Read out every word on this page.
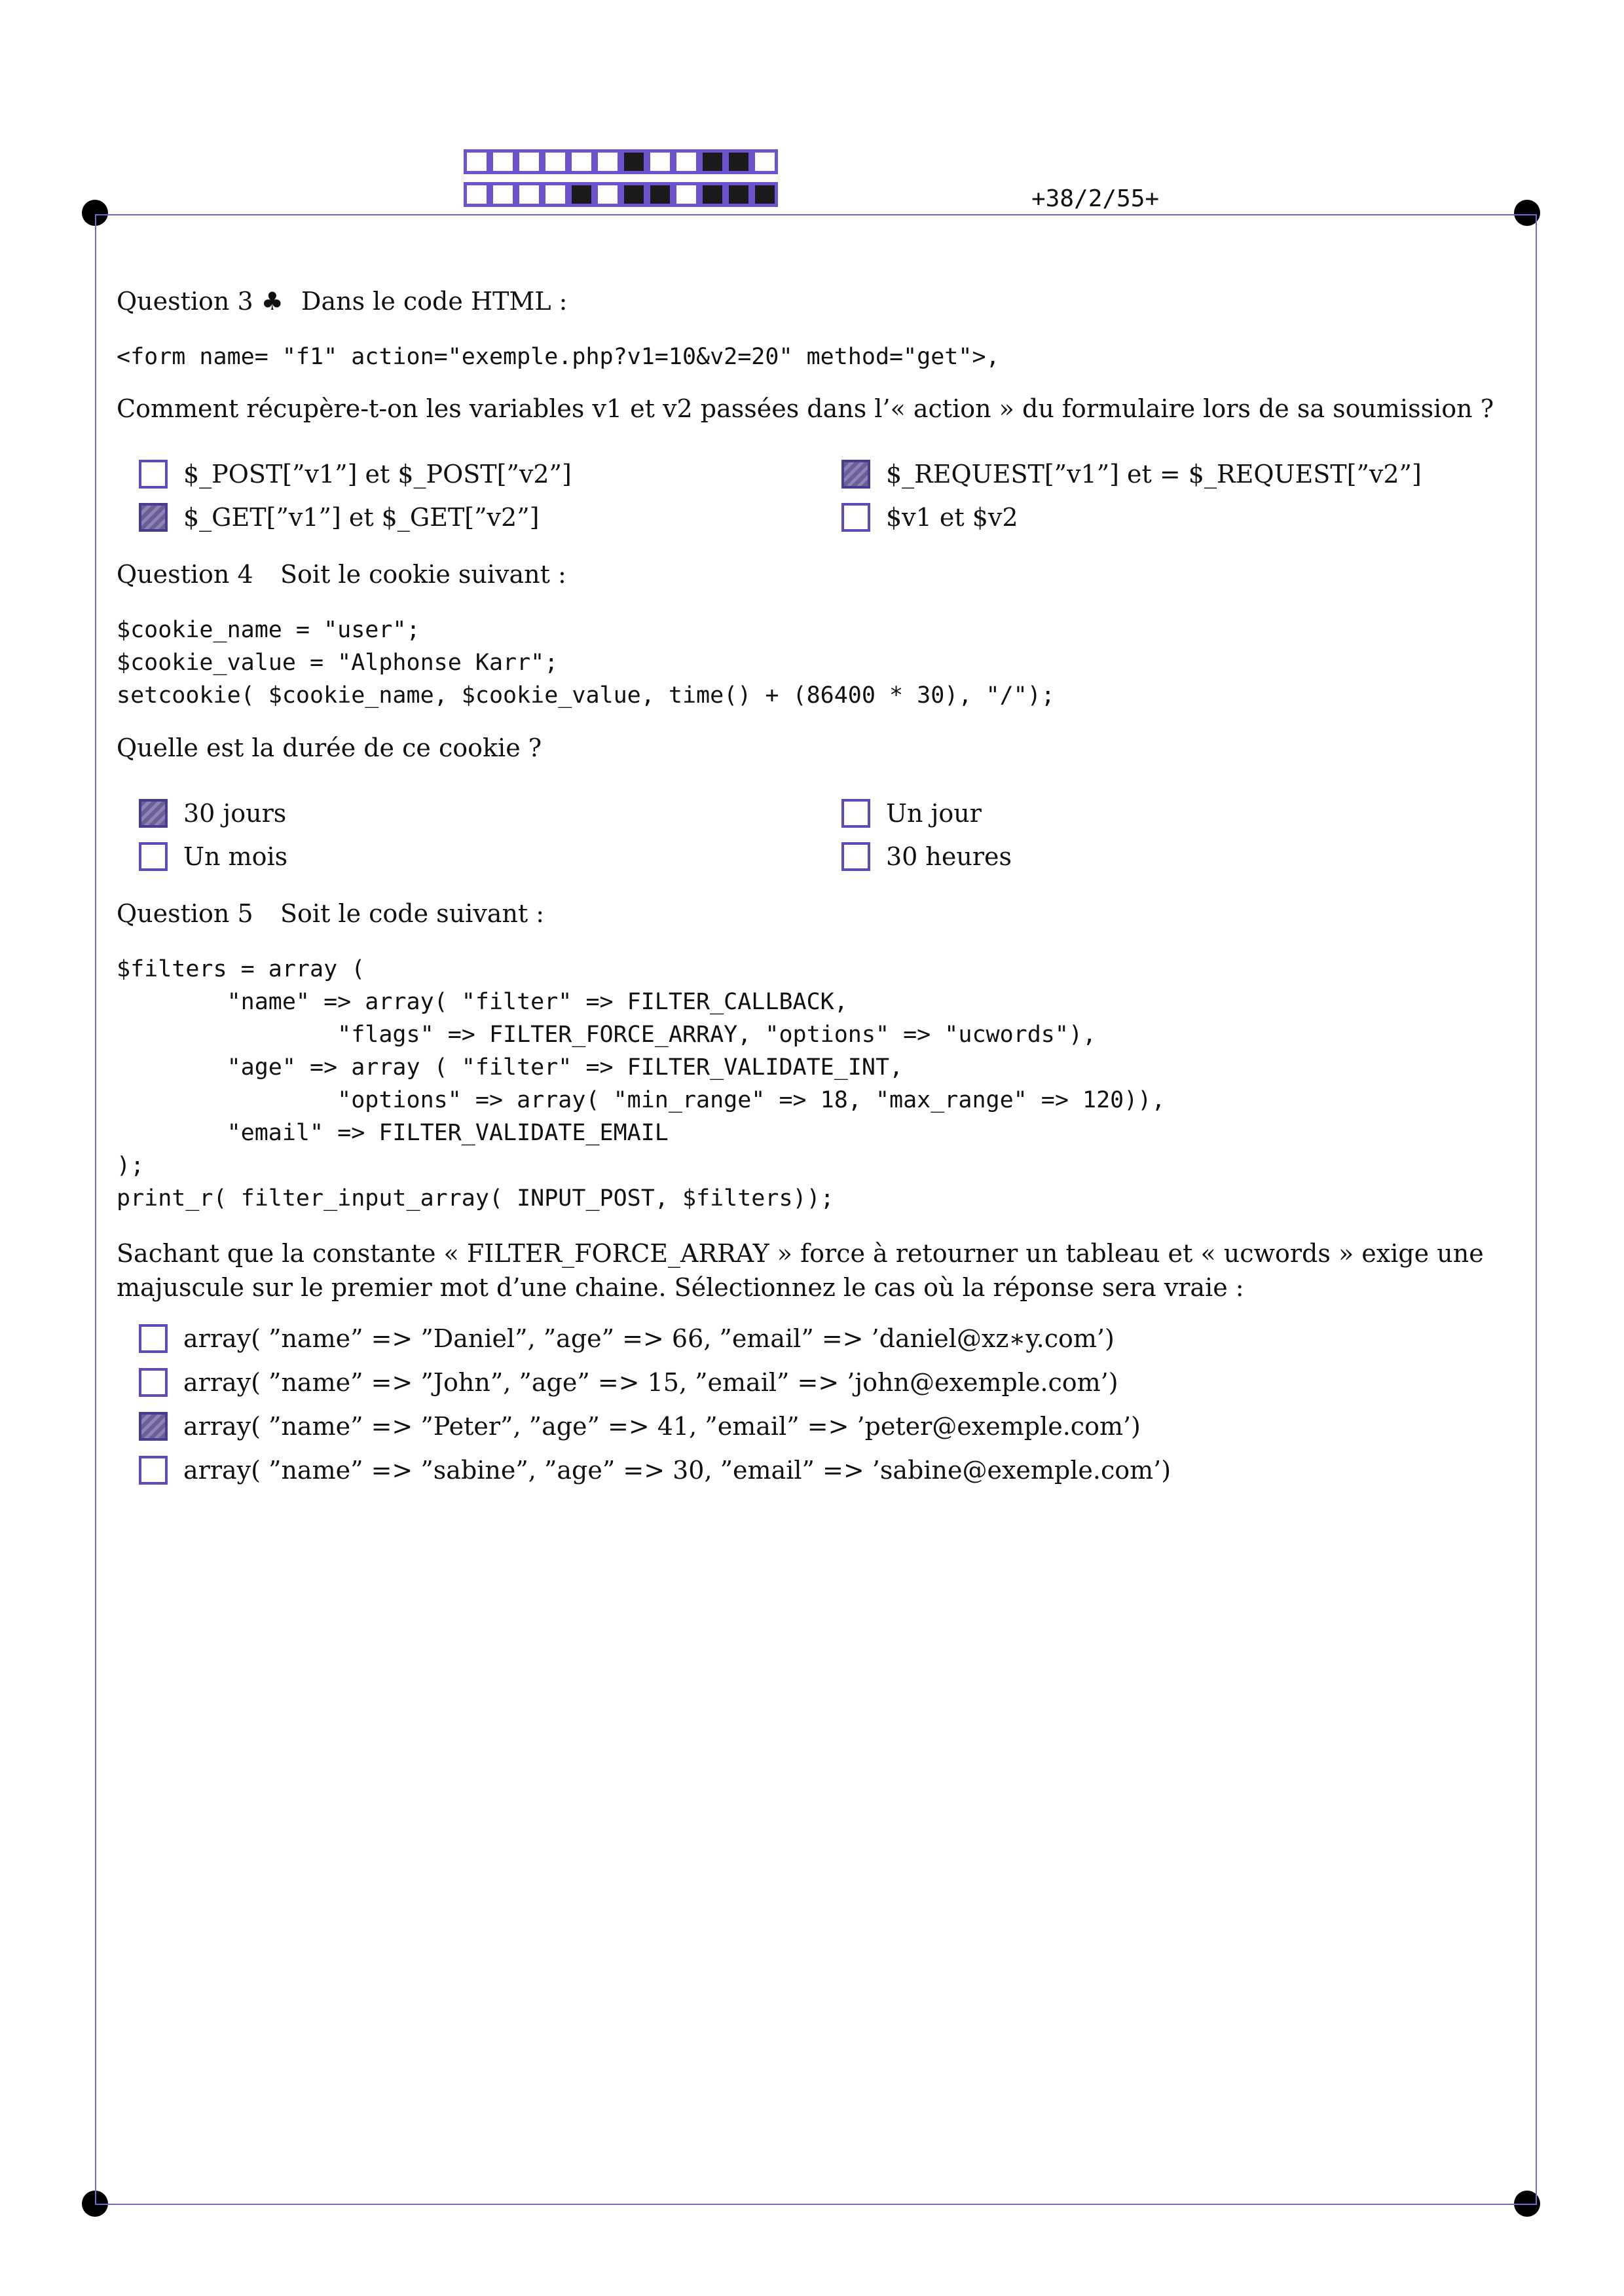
+38/2/55+
Question 3 ♣ Dans le code HTML :
<form name= "f1" action="exemple.php?v1=10&v2=20" method="get">,
Comment récupère-t-on les variables v1 et v2 passées dans l’« action » du formulaire lors de sa soumission ?
$_POST[”v1”] et $_POST[”v2”]	$_REQUEST[”v1”] et = $_REQUEST[”v2”]
$_GET[”v1”] et $_GET[”v2”]	$v1 et $v2
Question 4 Soit le cookie suivant :
$cookie_name = "user";
$cookie_value = "Alphonse Karr";
setcookie( $cookie_name, $cookie_value, time() + (86400 * 30), "/");
Quelle est la durée de ce cookie ?
30 jours	Un jour
Un mois	30 heures
Question 5 Soit le code suivant :
$filters = array (
"name" => array( "filter" => FILTER_CALLBACK,
"flags" => FILTER_FORCE_ARRAY, "options" => "ucwords"),
"age" => array ( "filter" => FILTER_VALIDATE_INT,
"options" => array( "min_range" => 18, "max_range" => 120)),
"email" => FILTER_VALIDATE_EMAIL
);
print_r( filter_input_array( INPUT_POST, $filters));
Sachant que la constante « FILTER_FORCE_ARRAY » force à retourner un tableau et « ucwords » exige une majuscule sur le premier mot d’une chaine. Sélectionnez le cas où la réponse sera vraie :
array( ”name” => ”Daniel”, ”age” => 66, ”email” => ’daniel@xz∗y.com’)
array( ”name” => ”John”, ”age” => 15, ”email” => ’john@exemple.com’)
array( ”name” => ”Peter”, ”age” => 41, ”email” => ’peter@exemple.com’)
array( ”name” => ”sabine”, ”age” => 30, ”email” => ’sabine@exemple.com’)
